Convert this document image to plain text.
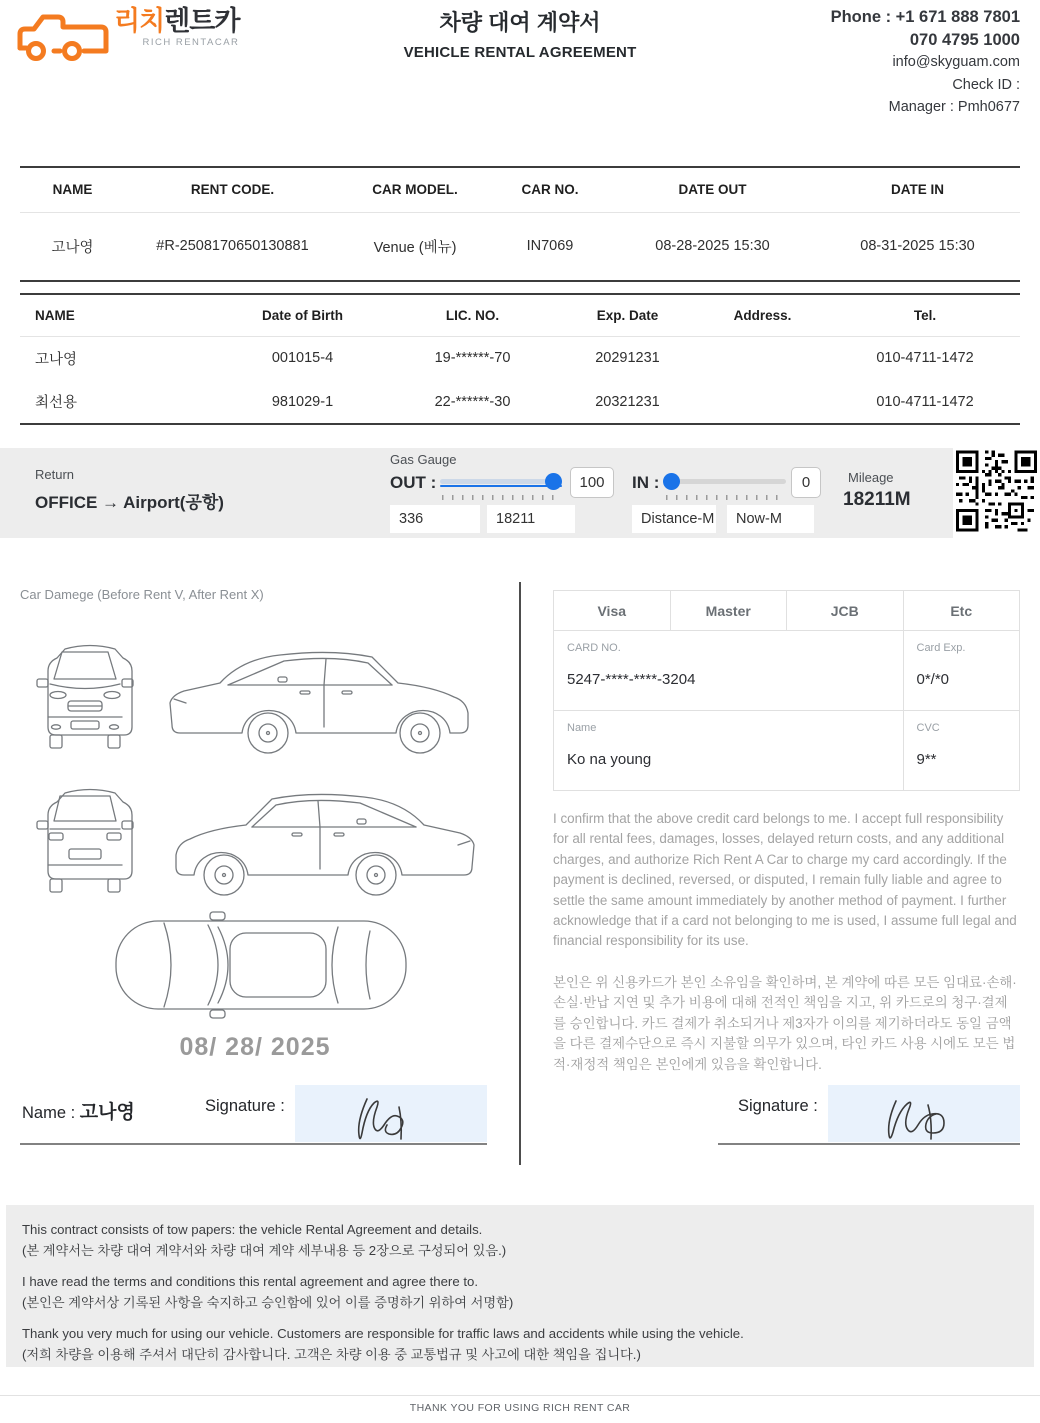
리치렌트카
RICH RENTACAR
차량 대여 계약서
VEHICLE RENTAL AGREEMENT
Phone : +1 671 888 7801
070 4795 1000
info@skyguam.com
Check ID :
Manager : Pmh0677
NAME	RENT CODE.	CAR MODEL.	CAR NO.	DATE OUT	DATE IN
고나영	#R-2508170650130881	Venue (베뉴)	IN7069	08-28-2025 15:30	08-31-2025 15:30
NAME	Date of Birth	LIC. NO.	Exp. Date	Address.	Tel.
고나영	001015-4	19-******-70	20291231		010-4711-1472
최선용	981029-1	22-******-30	20321231		010-4711-1472
Return
OFFICE → Airport(공항)
Gas Gauge
OUT :	100	IN :	0
336
18211
Distance-M
Now-M	Mileage
18211M
Car Damege (Before Rent V, After Rent X)
08/ 28/ 2025
Name : 고나영	Signature :
Visa	Master	JCB	Etc

CARD NO.
5247-****-****-3204

Card Exp.
0*/*0

Name
Ko na young

CVC
9**
I confirm that the above credit card belongs to me. I accept full responsibility for all rental fees, damages, losses, delayed return costs, and any additional charges, and authorize Rich Rent A Car to charge my card accordingly. If the payment is declined, reversed, or disputed, I remain fully liable and agree to settle the same amount immediately by another method of payment. I further acknowledge that if a card not belonging to me is used, I assume full legal and financial responsibility for its use.
본인은 위 신용카드가 본인 소유임을 확인하며, 본 계약에 따른 모든 임대료·손해·손실·반납 지연 및 추가 비용에 대해 전적인 책임을 지고, 위 카드로의 청구·결제를 승인합니다. 카드 결제가 취소되거나 제3자가 이의를 제기하더라도 동일 금액을 다른 결제수단으로 즉시 지불할 의무가 있으며, 타인 카드 사용 시에도 모든 법적·재정적 책임은 본인에게 있음을 확인합니다.
Signature :
This contract consists of tow papers: the vehicle Rental Agreement and details.
(본 계약서는 차량 대여 계약서와 차량 대여 계약 세부내용 등 2장으로 구성되어 있음.)
I have read the terms and conditions this rental agreement and agree there to.
(본인은 계약서상 기록된 사항을 숙지하고 승인함에 있어 이를 증명하기 위하여 서명함)
Thank you very much for using our vehicle. Customers are responsible for traffic laws and accidents while using the vehicle.
(저희 차량을 이용해 주셔서 대단히 감사합니다. 고객은 차량 이용 중 교통법규 및 사고에 대한 책임을 집니다.)
THANK YOU FOR USING RICH RENT CAR
